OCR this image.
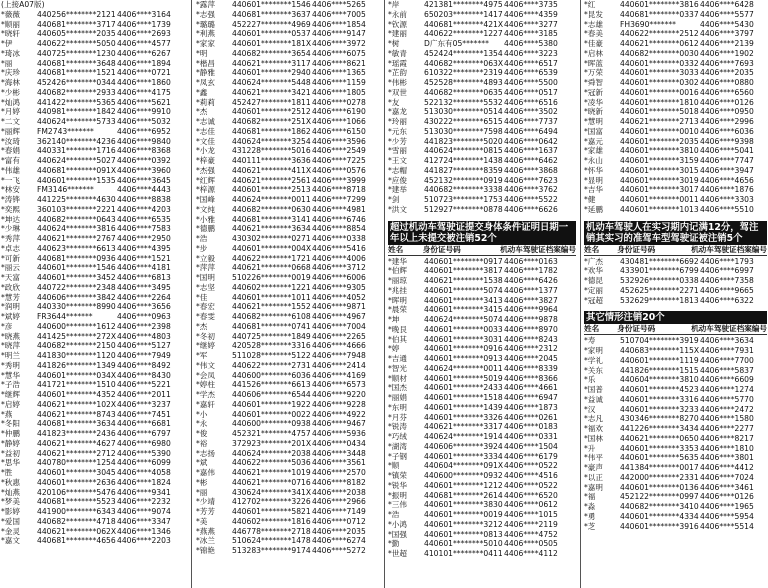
(上接A07版)
*薇薇	440256********2121 4406****3164
*顺丽	440681********3717 4406****1739
*晓轩	440605********2035 4406****2693
*伊	440622********5050 4406****4577
*琦冰	440725********1230 4406****6267
*丽	440681********3648 4406****1894
*庆珍	440681********1521 4406****0721
*海林	452426********0344 4406****1860
*少彬	440682********2933 4406****4175
*灿鸿	441422********5365 4406****5621
*月婷	440981********1842 4406****9910
*二文	440624********5733 4406****5032
*丽辉	FM2743*******	4406****6952
*汝琦	362140********4236 4406****9840
*春娟	440331********1716 4406****8368
*富有	440624********5027 4406****0392
*伟雄	440681********091X 4406****3960
*一飞	440601********1535 4406****3645
*林安	FM3146*******	4406****4443
*涛铧	441225********4630 4406****8838
*奕熙	360103********2221 4406****4203
*坤达	440682********0643 4406****6535
*少琳	440624********3816 4406****7583
*秀萍	440621********2767 4406****2950
*卓志	440623********6613 4406****4395
*可新	440681********0936 4406****1521
*丽云	440601********1546 4406****4181
*天富	440601********3452 4406****6813
*政欣	440722********2348 4406****3495
*慧芳	440606********3842 4406****2264
*润明	440330********8990 4406****3656
*斌婷	FR3644*******	4406****0963
*彦	440600********1612 4406****2398
*晓燕	441425********272X 4406****4803
*晓萍	440682********2150 4406****5127
*明兰	441830********1120 4406****7949
*秀明	441826********1349 4406****8492
*慧华	440601********034X 4406****8430
*子浩	441721********1510 4406****5221
*继辉	440601********4352 4406****2011
*启婷	440621********102X 4406****3237
*燕	440621********8743 4406****7451
*冬阳	440681********3634 4406****6681
*仲鹏	441823********2436 4406****6797
*静婷	440621********4627 4406****6980
*益初	440621********2712 4406****5390
*思华	440780********1254 4406****6099
*胜	440601********3045 4406****4058
*秋惠	440601********2636 4406****1824
*灿燕	420106********5476 4406****9341
*梦美	440681********5523 4406****2232
*影婷	441900********6343 4406****9074
*爱国	440682********4718 4406****3347
*金灵	440621********062X 4406****1346
*嘉文	440681********4656 4406****2203
*露萍	440601********1546 4406****5265
*志强	440681********3637 4406****7005
*璐璐	452227********4969 4406****1854
*利燕	440601********0537 4406****9147
*家家	440601********181X 4406****3972
*明	440682********3654 4406****6075
*楷昌	440621********3117 4406****8621
*静雅	440601********2940 4406****1365
*凤玄	440624********5448 4406****1159
*鑫	440621********3421 4406****1805
*莉莉	452427********1811 4406****0278
*杰	440601********2512 4406****6190
*志诚	440682********251X 4406****1066
*志佳	440681********1862 4406****6150
*文佳	440624********3254 4406****3596
*小龙	431228********5016 4406****2549
*梓豪	440111********3636 4406****7225
*杰强	440621********411X 4406****0576
*红辉	440621********2561 4406****3999
*梓源	440601********2513 4406****8718
*国峰	440624********0011 4406****7299
*文纯	440682********0630 4406****4981
*小雅	440681********3141 4406****6746
*德鹏	440621********3634 4406****8854
*浩	430302********0271 4406****0338
*步	440601********004X 4406****5416
*立毅	440622********1721 4406****4006
*萍萍	440621********0668 4406****3712
*国明	510226********0019 4406****6006
*志坚	440602********1221 4406****9305
*佳	440601********1011 4406****4052
*春宏	440621********1552 4406****9871
*春雯	440682********6108 4406****4967
*杰	440681********0741 4406****7004
*冬初	440725********1849 4406****2265
*继婷	420528********3316 4406****4666
*军	511028********5122 4406****7948
*伟文	440622********2731 4406****2414
*会凤	440600********6036 4406****4169
*婷柱	441526********6613 4406****6573
*学杰	440606********6544 4406****9220
*嘉轩	440601********1922 4406****9228
*小	440601********0022 4406****4922
*永	440600********0938 4406****9467
*俊	452321********4757 4406****5936
*裕	372923********201X 4406****0434
*志扬	440624********2038 4406****3448
*斌	440622********5036 4406****3561
*嘉伟	440621********1019 4406****2570
*彬	440621********0716 4406****8182
*丽	430624********341X 4406****2038
*少靖	412702********3226 4406****2966
*芳芳	440601********5821 4406****7149
*美	440602********1816 4406****0712
*燕燕	446778********2718 4406****2035
*冰兰	510624********1478 4406****6274
*锦艳	513283********9174 4406****5272
*岸	421381********4975 4406****3735
*永前	650203********1417 4406****4359
*钦源	440681********421X 4406****3277
*建丽	440622********1227 4406****3185
*树	D广东有05*******	4406****5380
*敏青	452424********1354 4406****3223
*瑶霞	440682********063X 4406****6517
*芷韵	610322********2319 4406****6539
*伟彬	452528********4893 4406****5500
*双世	440682********0635 4406****0517
*友	522132********5532 4406****6516
*嘉龙	513030********0514 4406****3502
*玲丽	430222********6515 4406****7737
*元东	513030********7598 4406****6494
*少芳	441823********5020 4406****0642
*雪丽	440624********0815 4406****1637
*王文	412724********1438 4406****6462
*志帽	441827********8359 4406****3868
*应俊	452132********0919 4406****7623
*建举	440682********3338 4406****3762
*剑	510723********1753 4406****5522
*洪文	512927********0878 4406****6626
超过机动车驾驶证提交身体条件证明日期一年以上未提交被注销52个
姓名	身份证号码	机动车驾驶证档案编号
*建华	440601********0917 4406****0163
*伯辉	440601********3817 4406****1782
*丽琼	440621********1538 4406****6426
*兆挂	440601********5074 4406****1377
*晖明	440601********3413 4406****3827
*晨荣	440601********3415 4406****9964
*坤	440624********5074 4406****9878
*晚艮	440601********0033 4406****8970
*伯其	440601********3031 4406****8243
*婷	440601********0916 4406****2312
*吉通	440601********0913 4406****2045
*智光	440624********0011 4406****8339
*顺材	440601********5019 4406****8366
*国杰	440601********2433 4406****4661
*丽娟	440601********1518 4406****6947
*东明	440601********1439 4406****1873
*月芬	440601********3326 4406****0261
*锐涛	440621********3317 4406****0183
*巧绒	440624********1914 4406****0331
*湖湾	440606********3924 4406****1504
*子钢	440601********3334 4406****6179
*顺	440604********091X 4406****0522
*镇荣	440600********0932 4406****4516
*锐华	440601********1212 4406****0522
*振明	440681********2614 4406****6520
*三伟	440601********3830 4406****0612
*浩	440601********0019 4406****1015
*小鸿	440601********3212 4406****2119
*国强	440601********0813 4406****4752
*勤	440601********5010 4406****0505
*世超	410101********0411 4406****4112
*红	440601********3816 4406****6428
*昆发	440681********0337 4406****5577
*志雄	FH3690*******	4406****5430
*春美	440622********2512 4406****3797
*佳豪	440621********0612 4406****2139
*启林	440682********0030 4406****1902
*晖蓝	440601********0332 4406****7693
*万荣	440601********3033 4406****2035
*舜智	440601********0302 4406****0880
*冠新	440601********0016 4406****6560
*凌华	440601********1810 4406****0126
*晓新	440601********5018 4406****0950
*慧明	440621********2713 4406****2996
*国富	440601********0010 4406****6036
*嘉元	440601********2035 4406****9398
*家雄	440601********3810 4406****5041
*永山	440601********3159 4406****7747
*怀华	440601********3015 4406****3947
*显明	440601********3019 4406****4656
*吉华	440601********3017 4406****1876
*健	440601********0011 4406****3303
*延鹏	440601********1013 4406****5510
机动车驾驶人在实习期内记满12分，驾注销其实习的准驾车型驾驶证被注销5个
姓名	身份证号码	机动车驾驶证档案编号
*广杰	430481********6692 4406****1793
*欢华	433901********6799 4406****6997
*德昆	532926********0338 4406****7358
*定丽	452625********2271 4406****9665
*冠超	532629********1813 4406****6322
其它情形注销20个
姓名	身份证号码	机动车驾驶证档案编号
*寿	510704********3919 4406****3634
*家明	440683********115X 4406****7931
*学礼	440601********1119 4406****7700
*关东	441826********1515 4406****5837
*乐	440604********3810 4406****6609
*国普	440601********4523 4406****1274
*益诚	440601********3316 4406****5770
*汉	440601********3233 4406****2472
*志凡	430346********8270 4406****1580
*福欢	441226********3434 4406****2277
*国林	440621********0650 4406****8217
*升	440601********3353 4406****1810
*伟平	440601********5635 4406****3801
*豪声	441384********0017 4406****4412
*以正	442000********2331 4406****7024
*嘉明	440601********0136 4406****3461
*福	452122********0997 4406****0126
*淼	440682********3410 4406****1965
*勇	440601********4334 4406****5954
*芝	440601********3916 4406****5514
